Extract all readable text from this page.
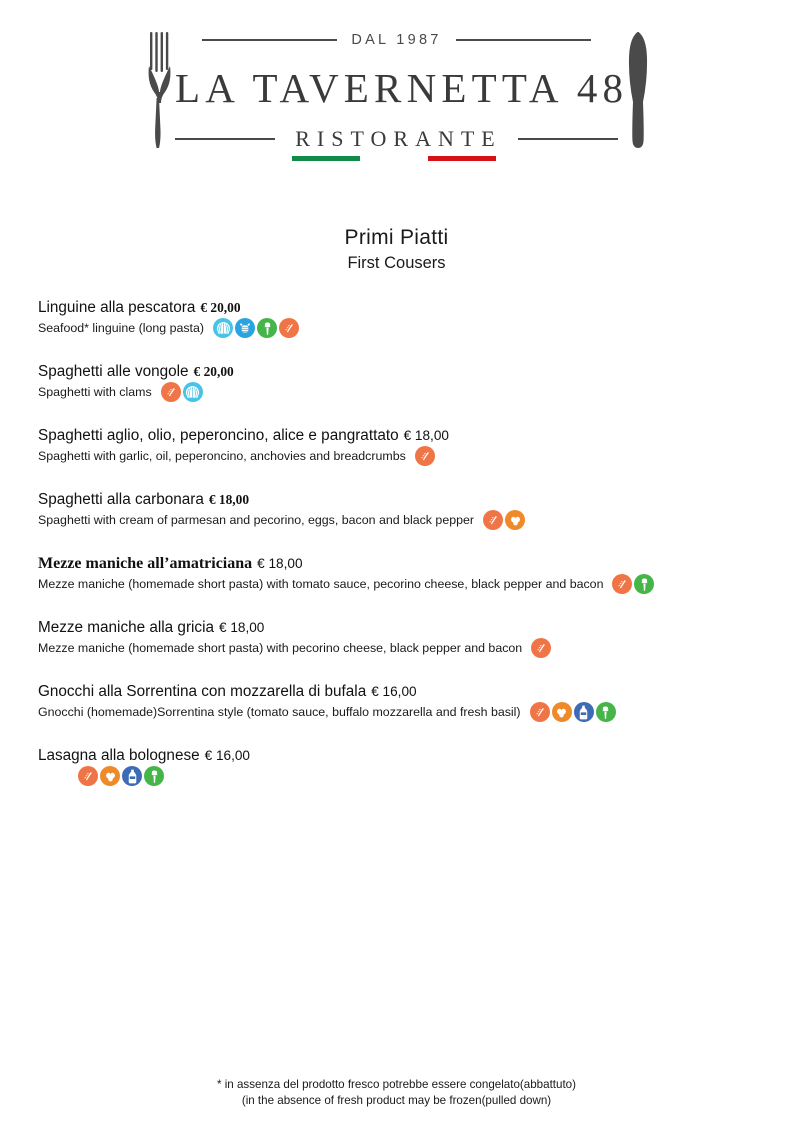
DAL 1987
LA TAVERNETTA 48
RISTORANTE
Primi Piatti
First Cousers
Linguine alla pescatora € 20,00
Seafood* linguine (long pasta)
Spaghetti alle vongole € 20,00
Spaghetti with clams
Spaghetti aglio, olio, peperoncino, alice e pangrattato € 18,00
Spaghetti with garlic, oil, peperoncino, anchovies and breadcrumbs
Spaghetti alla carbonara € 18,00
Spaghetti with cream of parmesan and pecorino, eggs, bacon and black pepper
Mezze maniche all’amatriciana € 18,00
Mezze maniche (homemade short pasta) with tomato sauce, pecorino cheese, black pepper and bacon
Mezze maniche alla gricia € 18,00
Mezze maniche (homemade short pasta) with pecorino cheese, black pepper and bacon
Gnocchi alla Sorrentina con mozzarella di bufala € 16,00
Gnocchi (homemade)Sorrentina style (tomato sauce, buffalo mozzarella and fresh basil)
Lasagna alla bolognese € 16,00
* in assenza del prodotto fresco potrebbe essere congelato(abbattuto)
(in the absence of fresh product may be frozen(pulled down)
